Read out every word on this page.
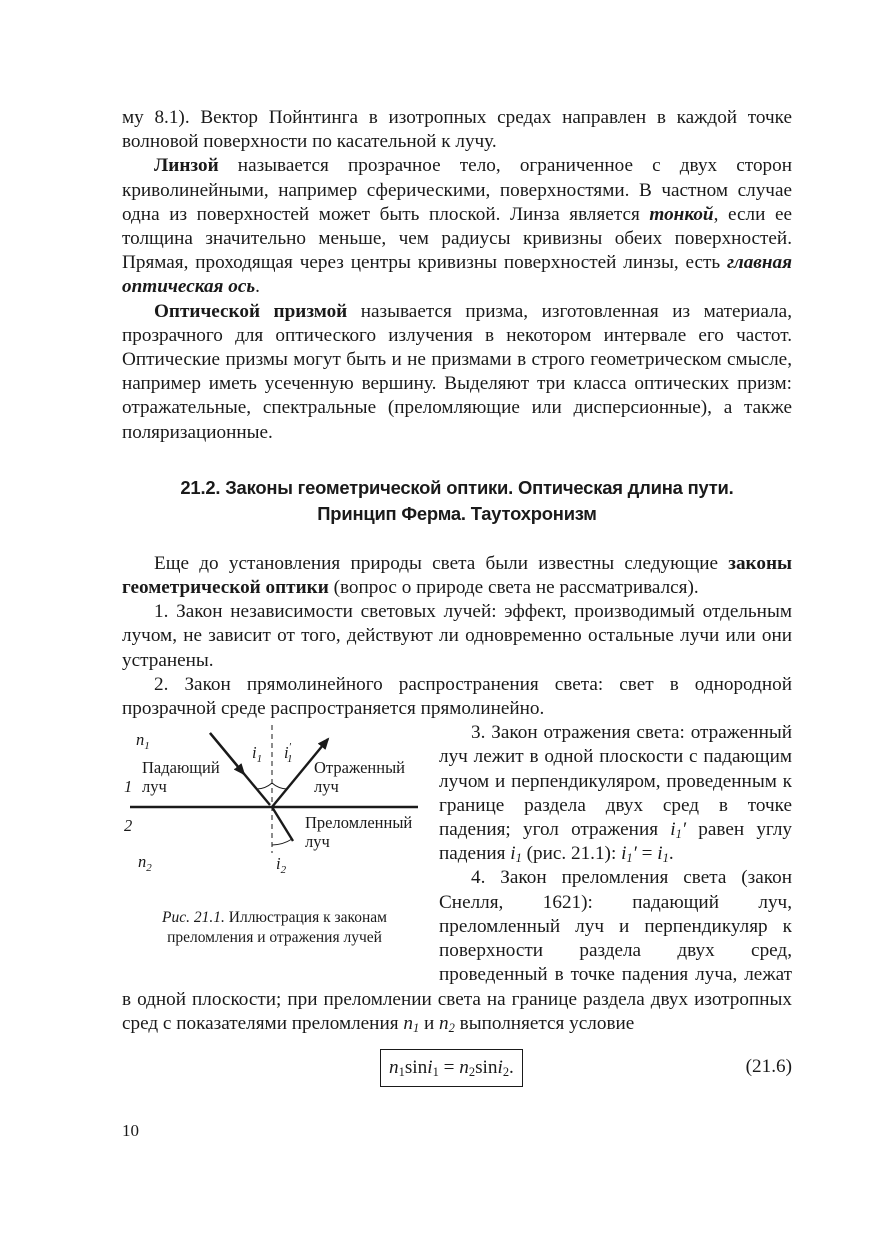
му 8.1). Вектор Пойнтинга в изотропных средах направлен в каждой точке волновой поверхности по касательной к лучу.

Линзой называется прозрачное тело, ограниченное с двух сторон криволинейными, например сферическими, поверхностями. В частном случае одна из поверхностей может быть плоской. Линза является тонкой, если ее толщина значительно меньше, чем радиусы кривизны обеих поверхностей. Прямая, проходящая через центры кривизны поверхностей линзы, есть главная оптическая ось.

Оптической призмой называется призма, изготовленная из материала, прозрачного для оптического излучения в некотором интервале его частот. Оптические призмы могут быть и не призмами в строго геометрическом смысле, например иметь усеченную вершину. Выделяют три класса оптических призм: отражательные, спектральные (преломляющие или дисперсионные), а также поляризационные.

21.2. Законы геометрической оптики. Оптическая длина пути.
Принцип Ферма. Таутохронизм

Еще до установления природы света были известны следующие законы геометрической оптики (вопрос о природе света не рассматривался).

1. Закон независимости световых лучей: эффект, производимый отдельным лучом, не зависит от того, действуют ли одновременно остальные лучи или они устранены.

2. Закон прямолинейного распространения света: свет в однородной прозрачной среде распространяется прямолинейно.

$n_1$
Падающий
луч
1
2
$n_2$
$i_1$ i′ 1
$i_2$
Отраженный
луч
Преломленный
луч
Рис. 21.1. Иллюстрация к законам преломления и отражения лучей

3. Закон отражения света: отраженный луч лежит в одной плоскости с падающим лучом и перпендикуляром, проведенным к границе раздела двух сред в точке падения; угол отражения $i_1'$ равен углу падения $i_1$ (рис. 21.1): $i_1' = i_1$.

4. Закон преломления света (закон Снелля, 1621): падающий луч, преломленный луч и перпендикуляр к поверхности раздела двух сред, проведенный в точке падения луча, лежат в одной плоскости; при преломлении света на границе раздела двух изотропных сред с показателями преломления $n_1$ и $n_2$ выполняется условие

$n_1\sin i_1 = n_2\sin i_2$.	(21.6)
10
